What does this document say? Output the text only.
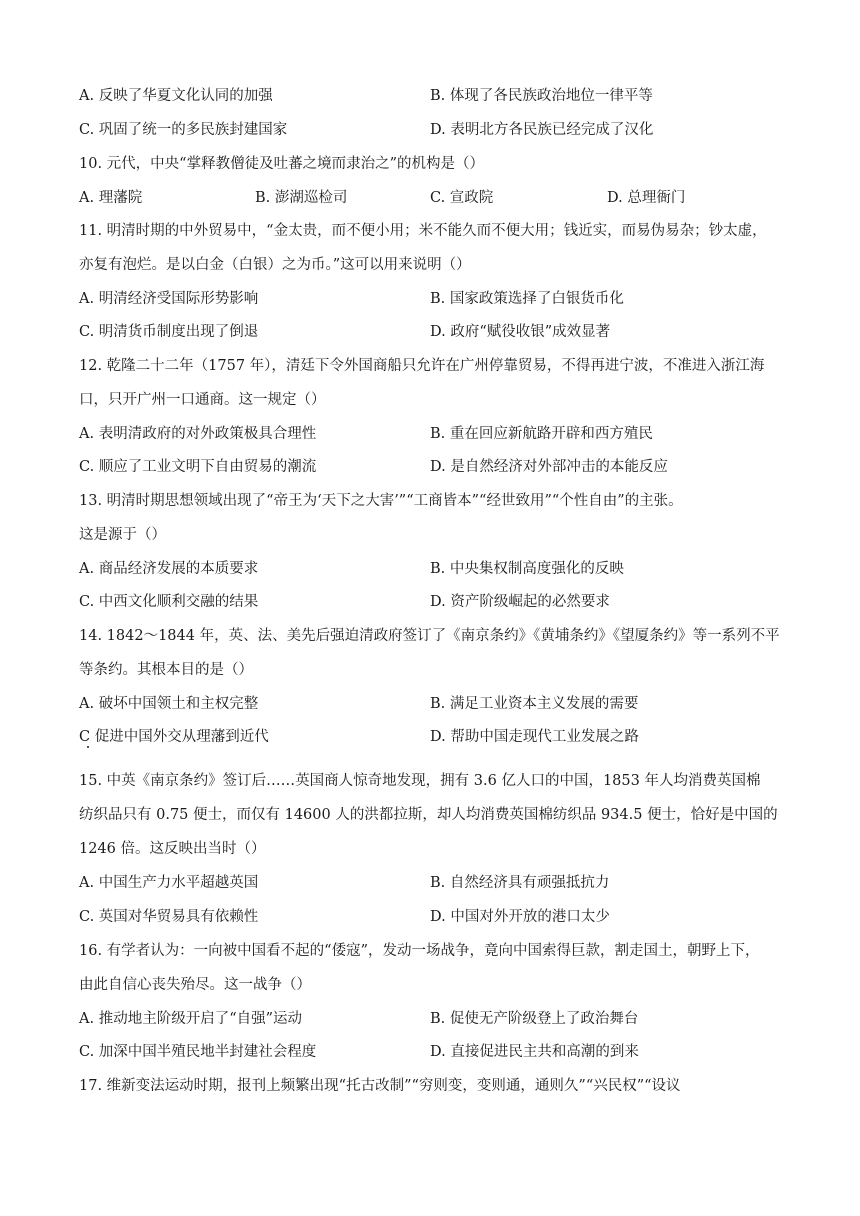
A. 反映了华夏文化认同的加强	B. 体现了各民族政治地位一律平等
C. 巩固了统一的多民族封建国家	D. 表明北方各民族已经完成了汉化
10. 元代，中央“掌释教僧徒及吐蕃之境而隶治之”的机构是（）
A. 理藩院	B. 澎湖巡检司	C. 宣政院	D. 总理衙门
11. 明清时期的中外贸易中，“金太贵，而不便小用；米不能久而不便大用；钱近实，而易伪易杂；钞太虚，
亦复有泡烂。是以白金（白银）之为币。”这可以用来说明（）
A. 明清经济受国际形势影响	B. 国家政策选择了白银货币化
C. 明清货币制度出现了倒退	D. 政府“赋役收银”成效显著
12. 乾隆二十二年（1757 年），清廷下令外国商船只允许在广州停靠贸易，不得再进宁波，不准进入浙江海
口，只开广州一口通商。这一规定（）
A. 表明清政府的对外政策极具合理性	B. 重在回应新航路开辟和西方殖民
C. 顺应了工业文明下自由贸易的潮流	D. 是自然经济对外部冲击的本能反应
13. 明清时期思想领域出现了“帝王为‘天下之大害’”“工商皆本”“经世致用”“个性自由”的主张。
这是源于（）
A. 商品经济发展的本质要求	B. 中央集权制高度强化的反映
C. 中西文化顺利交融的结果	D. 资产阶级崛起的必然要求
14. 1842～1844 年，英、法、美先后强迫清政府签订了《南京条约》《黄埔条约》《望厦条约》等一系列不平
等条约。其根本目的是（）
A. 破坏中国领土和主权完整	B. 满足工业资本主义发展的需要
C 促进中国外交从理藩到近代	D. 帮助中国走现代工业发展之路
15. 中英《南京条约》签订后……英国商人惊奇地发现，拥有 3.6 亿人口的中国，1853 年人均消费英国棉
纺织品只有 0.75 便士，而仅有 14600 人的洪都拉斯，却人均消费英国棉纺织品 934.5 便士，恰好是中国的
1246 倍。这反映出当时（）
A. 中国生产力水平超越英国	B. 自然经济具有顽强抵抗力
C. 英国对华贸易具有依赖性	D. 中国对外开放的港口太少
16. 有学者认为：一向被中国看不起的“倭寇”，发动一场战争，竟向中国索得巨款，割走国土，朝野上下，
由此自信心丧失殆尽。这一战争（）
A. 推动地主阶级开启了“自强”运动	B. 促使无产阶级登上了政治舞台
C. 加深中国半殖民地半封建社会程度	D. 直接促进民主共和高潮的到来
17. 维新变法运动时期，报刊上频繁出现“托古改制”“穷则变，变则通，通则久”“兴民权”“设议
